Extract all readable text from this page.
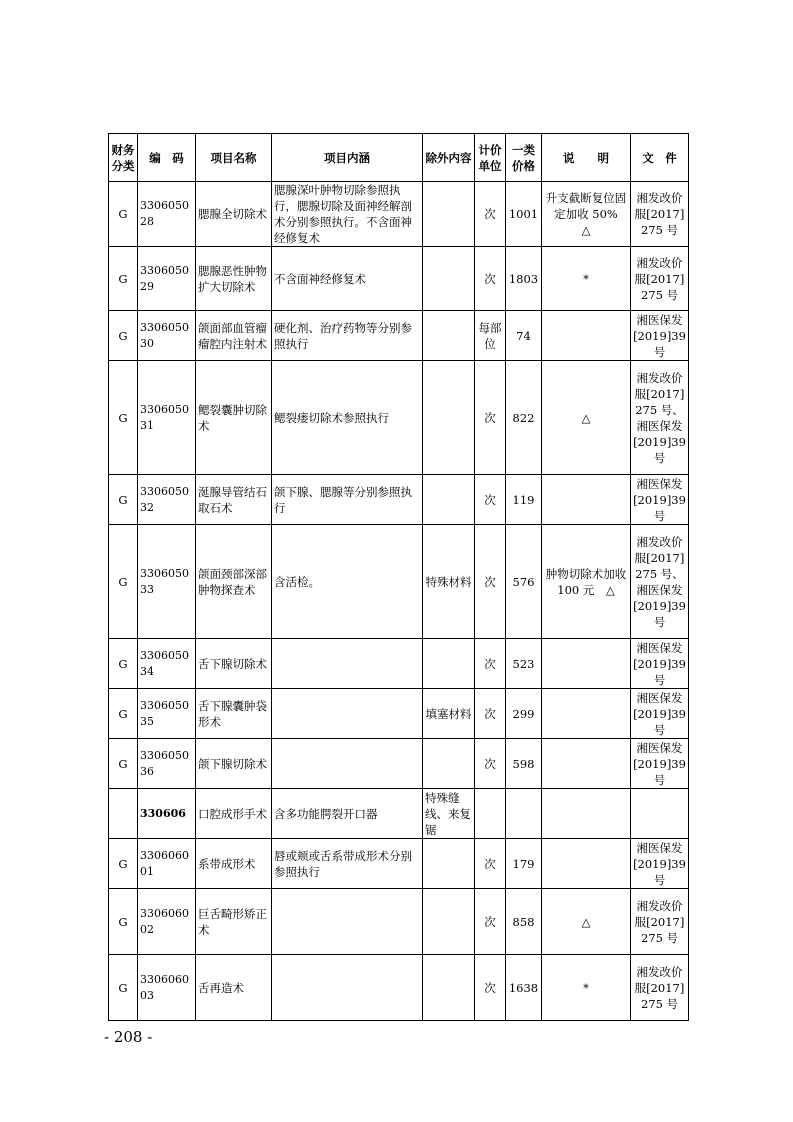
财务分类	编　码	项目名称	项目内涵	除外内容	计价单位	一类价格	说　　明	文　件
G	330605028	腮腺全切除术	腮腺深叶肿物切除参照执行，腮腺切除及面神经解剖术分别参照执行。不含面神经修复术		次	1001	升支截断复位固定加收 50%　△	湘发改价服[2017]275 号
G	330605029	腮腺恶性肿物扩大切除术	不含面神经修复术		次	1803	*	湘发改价服[2017]275 号
G	330605030	颌面部血管瘤瘤腔内注射术	硬化剂、治疗药物等分别参照执行		每部位	74		湘医保发[2019]39 号
G	330605031	鳃裂囊肿切除术	鳃裂瘘切除术参照执行		次	822	△	湘发改价服[2017]275 号、湘医保发[2019]39 号
G	330605032	涎腺导管结石取石术	颌下腺、腮腺等分别参照执行		次	119		湘医保发[2019]39 号
G	330605033	颌面颈部深部肿物探查术	含活检。	特殊材料	次	576	肿物切除术加收 100 元　△	湘发改价服[2017]275 号、湘医保发[2019]39 号
G	330605034	舌下腺切除术			次	523		湘医保发[2019]39 号
G	330605035	舌下腺囊肿袋形术		填塞材料	次	299		湘医保发[2019]39 号
G	330605036	颌下腺切除术			次	598		湘医保发[2019]39 号
	330606	口腔成形手术	含多功能腭裂开口器	特殊缝线、来复锯				
G	330606001	系带成形术	唇或颊或舌系带成形术分别参照执行		次	179		湘医保发[2019]39 号
G	330606002	巨舌畸形矫正术			次	858	△	湘发改价服[2017]275 号
G	330606003	舌再造术			次	1638	*	湘发改价服[2017]275 号
- 208 -
